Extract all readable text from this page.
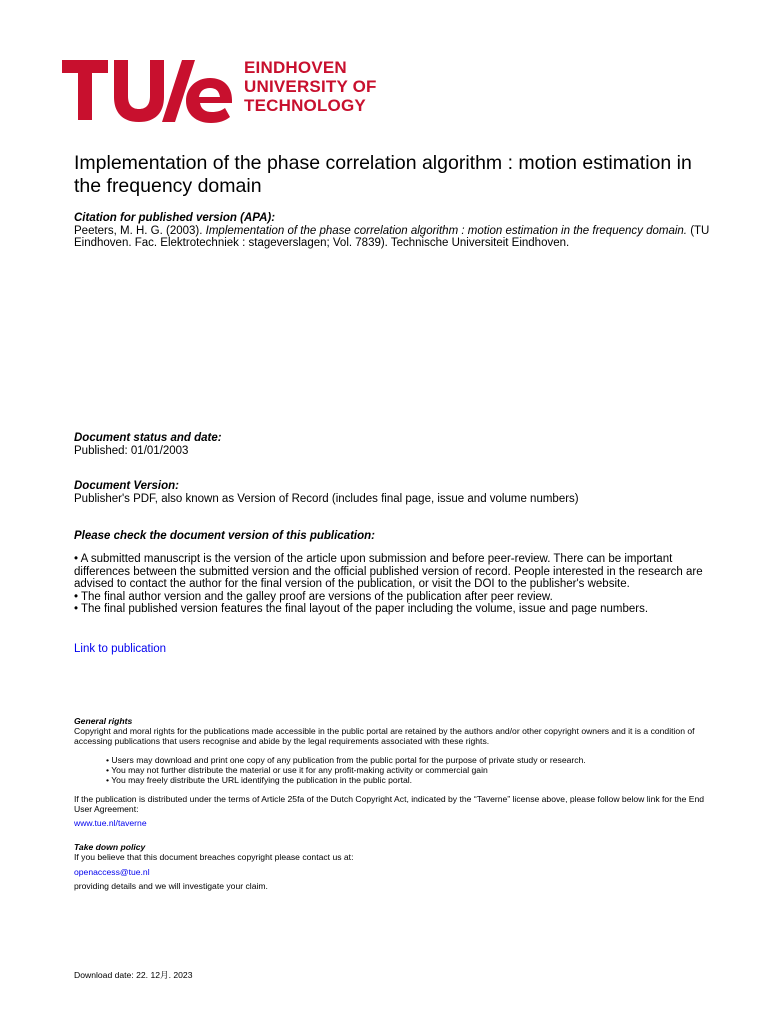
EINDHOVEN
UNIVERSITY OF
TECHNOLOGY
Implementation of the phase correlation algorithm : motion estimation in the frequency domain
Citation for published version (APA):
Peeters, M. H. G. (2003). Implementation of the phase correlation algorithm : motion estimation in the frequency domain. (TU Eindhoven. Fac. Elektrotechniek : stageverslagen; Vol. 7839). Technische Universiteit Eindhoven.
Document status and date:
Published: 01/01/2003
Document Version:
Publisher's PDF, also known as Version of Record (includes final page, issue and volume numbers)
Please check the document version of this publication:
• A submitted manuscript is the version of the article upon submission and before peer-review. There can be important differences between the submitted version and the official published version of record. People interested in the research are advised to contact the author for the final version of the publication, or visit the DOI to the publisher's website.
• The final author version and the galley proof are versions of the publication after peer review.
• The final published version features the final layout of the paper including the volume, issue and page numbers.
Link to publication
General rights
Copyright and moral rights for the publications made accessible in the public portal are retained by the authors and/or other copyright owners and it is a condition of accessing publications that users recognise and abide by the legal requirements associated with these rights.
• Users may download and print one copy of any publication from the public portal for the purpose of private study or research.
• You may not further distribute the material or use it for any profit-making activity or commercial gain
• You may freely distribute the URL identifying the publication in the public portal.
If the publication is distributed under the terms of Article 25fa of the Dutch Copyright Act, indicated by the “Taverne” license above, please follow below link for the End User Agreement:
www.tue.nl/taverne
Take down policy
If you believe that this document breaches copyright please contact us at:
openaccess@tue.nl
providing details and we will investigate your claim.
Download date: 22. 12月. 2023
